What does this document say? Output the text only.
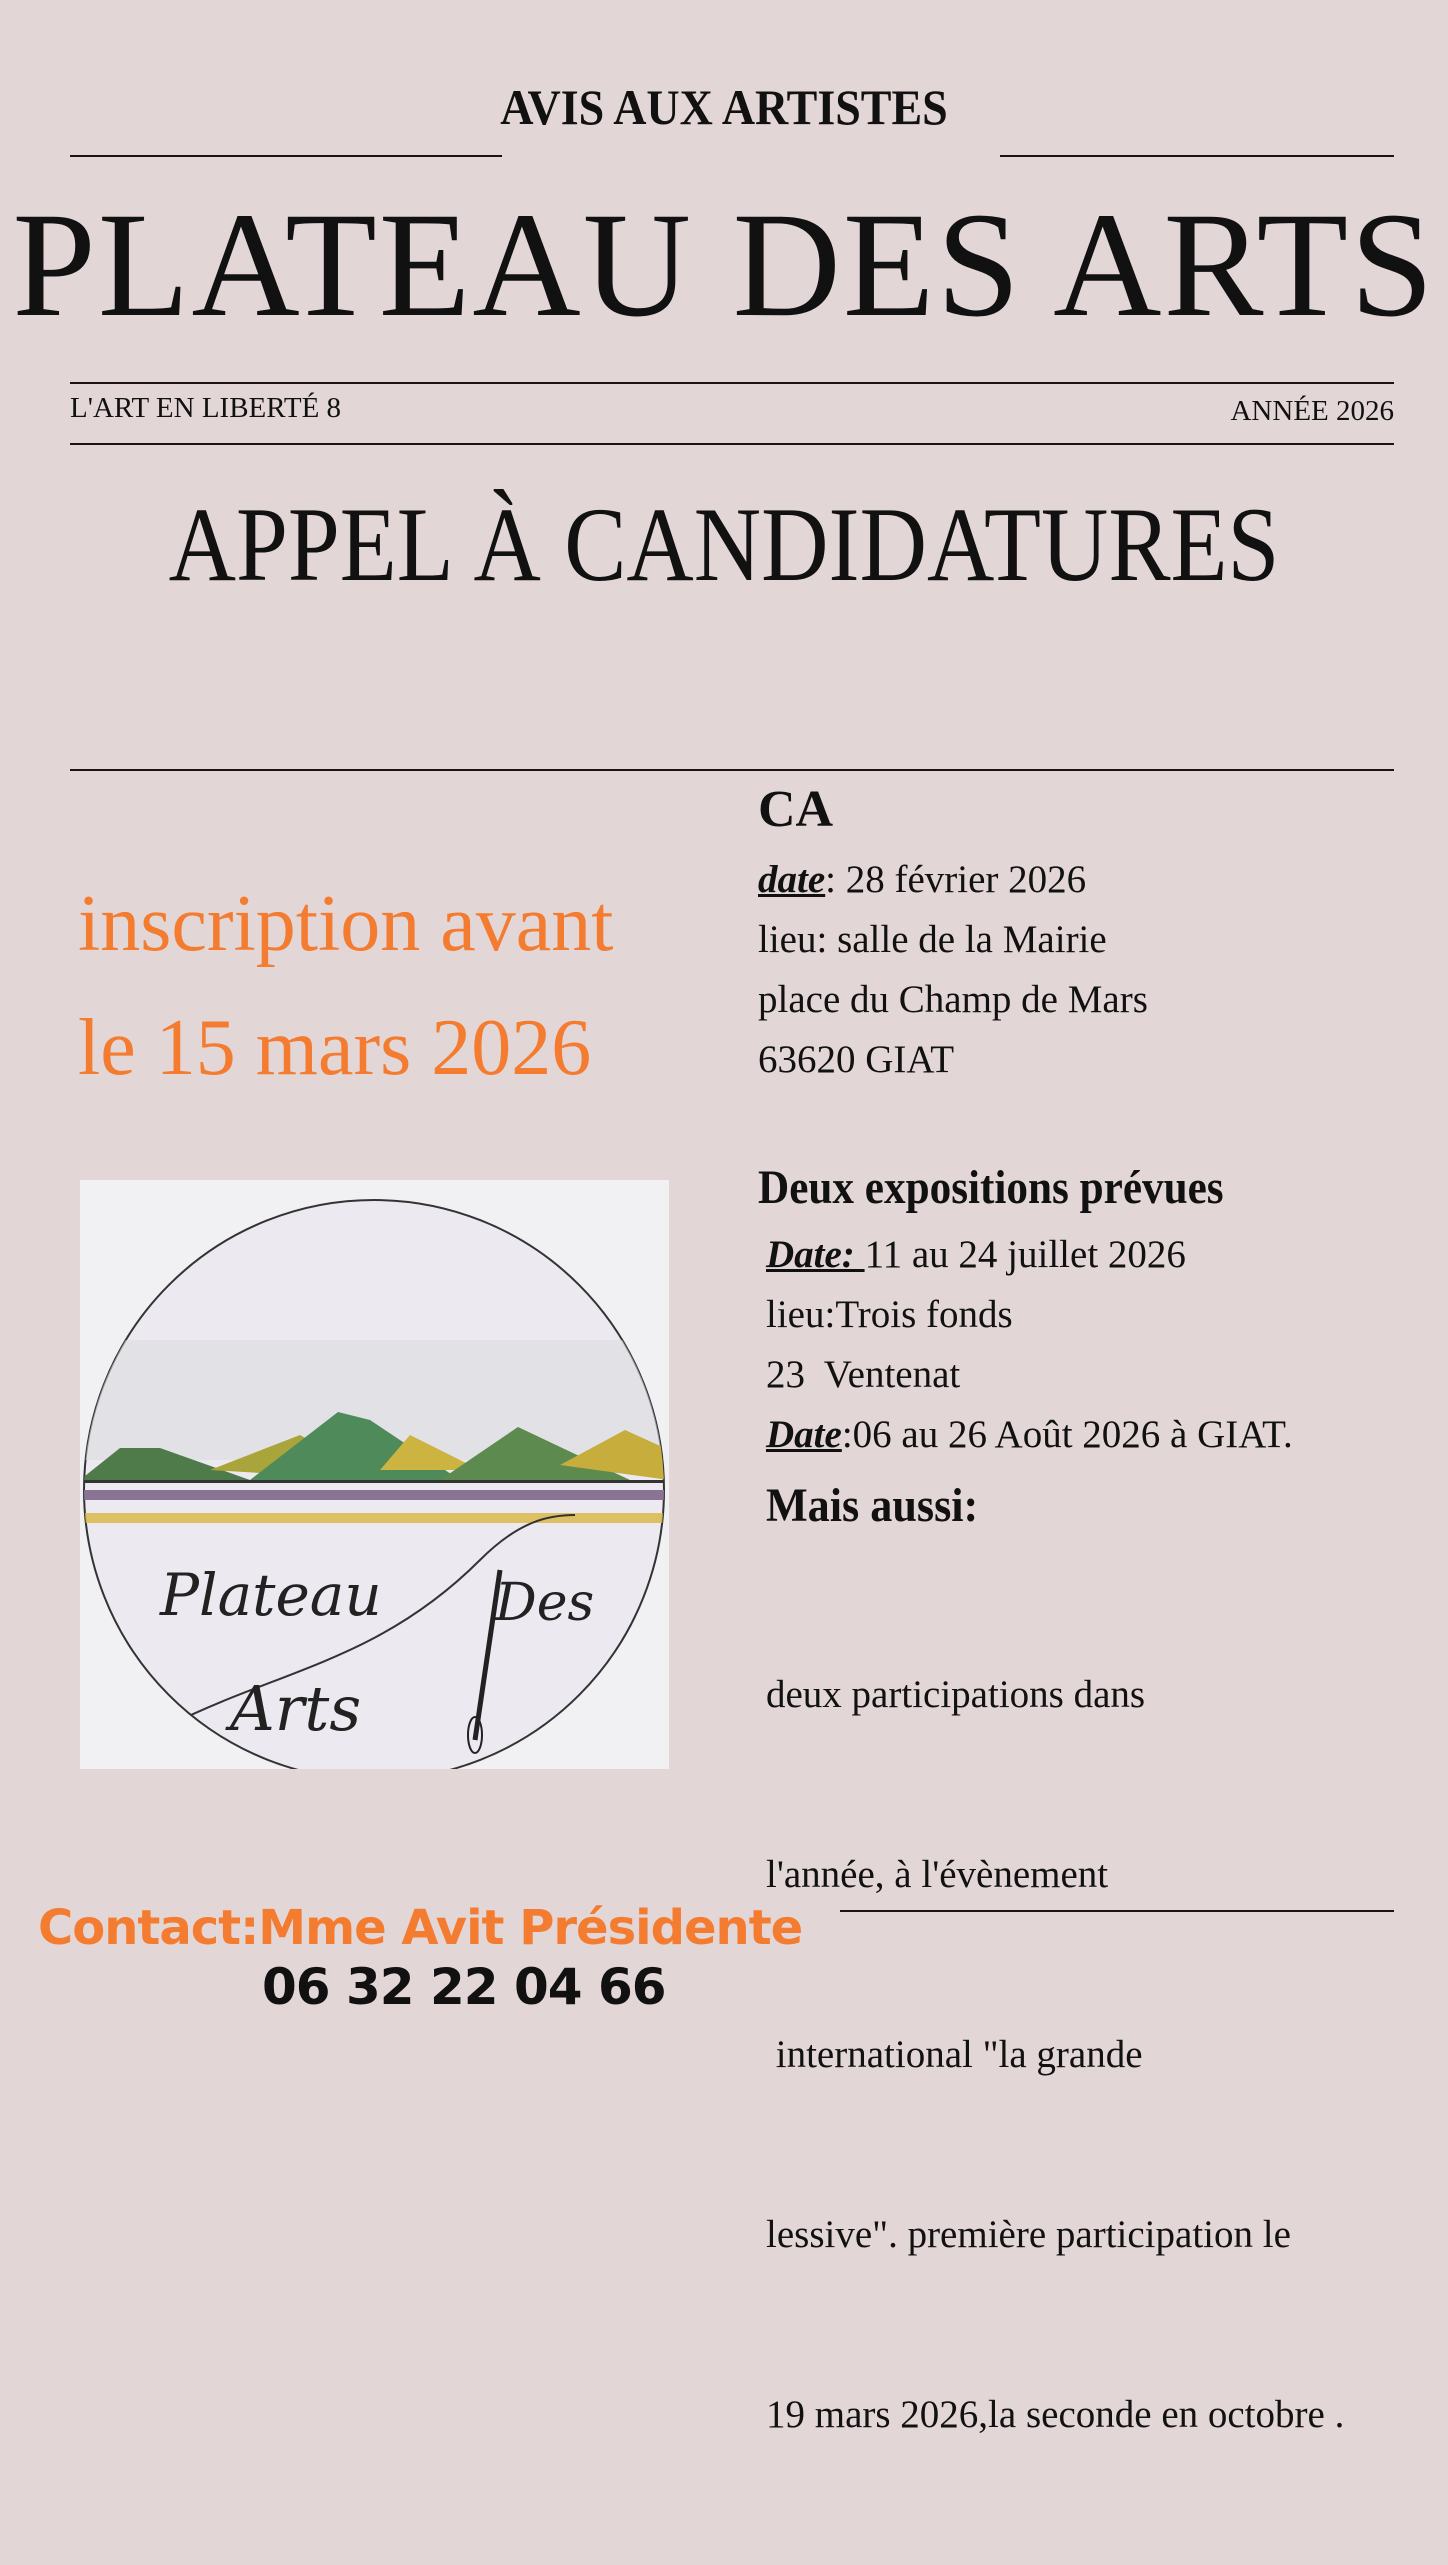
AVIS AUX ARTISTES
PLATEAU DES ARTS
L'ART EN LIBERTÉ 8	ANNÉE 2026
APPEL À CANDIDATURES
inscription avant
le 15 mars 2026
CA
date: 28 février 2026
lieu: salle de la Mairie
place du Champ de Mars
63620 GIAT
Deux expositions prévues
Date: 11 au 24 juillet 2026
lieu:Trois fonds
23  Ventenat
Date:06 au 26 Août 2026 à GIAT.
Mais aussi:

deux participations dans

l'année, à l'évènement

international "la grande

lessive". première participation le

19 mars 2026,la seconde en octobre .

Plateau Des
Arts
Contact:Mme Avit Présidente
06 32 22 04 66
